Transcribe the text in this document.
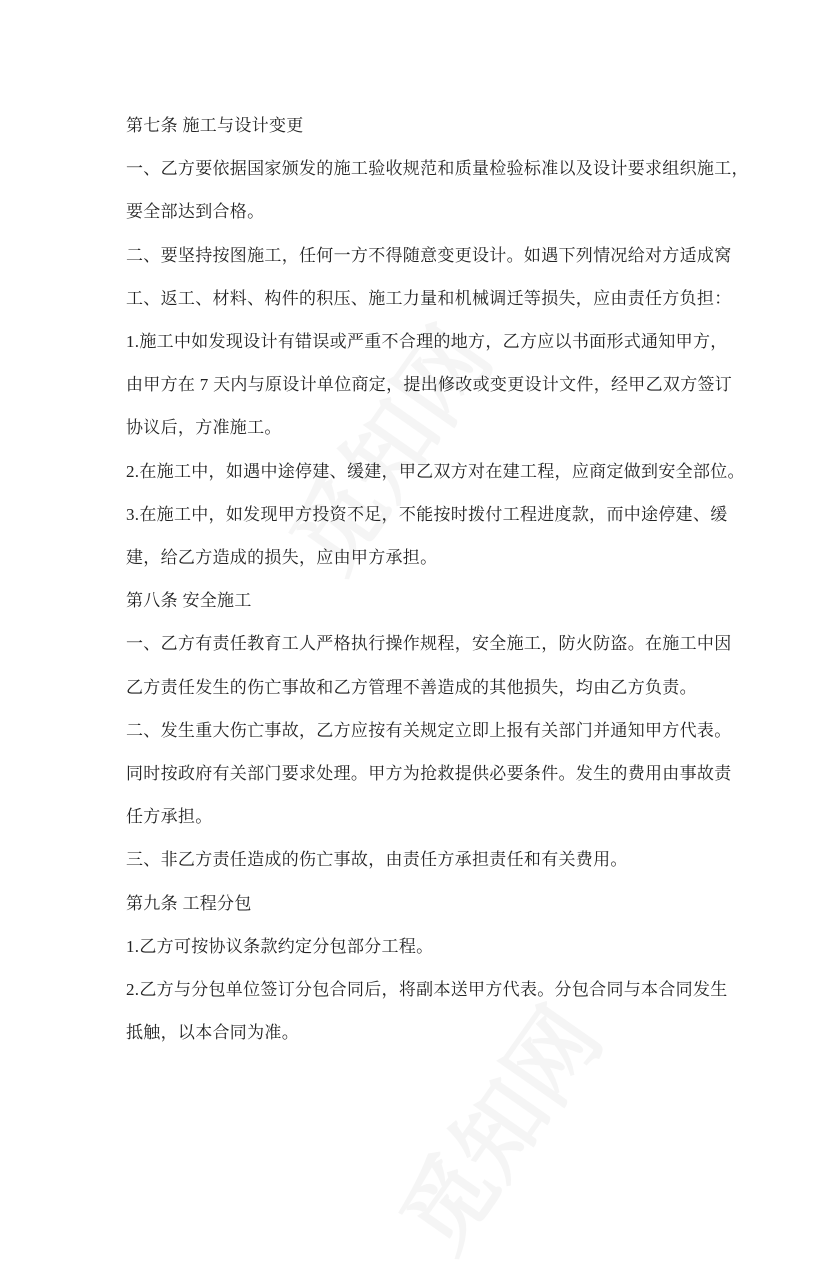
第七条 施工与设计变更
一、乙方要依据国家颁发的施工验收规范和质量检验标准以及设计要求组织施工，
要全部达到合格。
二、要坚持按图施工，任何一方不得随意变更设计。如遇下列情况给对方适成窝
工、返工、材料、构件的积压、施工力量和机械调迁等损失，应由责任方负担：
1.施工中如发现设计有错误或严重不合理的地方，乙方应以书面形式通知甲方，
由甲方在 7 天内与原设计单位商定，提出修改或变更设计文件，经甲乙双方签订
协议后，方准施工。
2.在施工中，如遇中途停建、缓建，甲乙双方对在建工程，应商定做到安全部位。
3.在施工中，如发现甲方投资不足，不能按时拨付工程进度款，而中途停建、缓
建，给乙方造成的损失，应由甲方承担。
第八条 安全施工
一、乙方有责任教育工人严格执行操作规程，安全施工，防火防盗。在施工中因
乙方责任发生的伤亡事故和乙方管理不善造成的其他损失，均由乙方负责。
二、发生重大伤亡事故，乙方应按有关规定立即上报有关部门并通知甲方代表。
同时按政府有关部门要求处理。甲方为抢救提供必要条件。发生的费用由事故责
任方承担。
三、非乙方责任造成的伤亡事故，由责任方承担责任和有关费用。
第九条 工程分包
1.乙方可按协议条款约定分包部分工程。
2.乙方与分包单位签订分包合同后，将副本送甲方代表。分包合同与本合同发生
抵触，以本合同为准。
